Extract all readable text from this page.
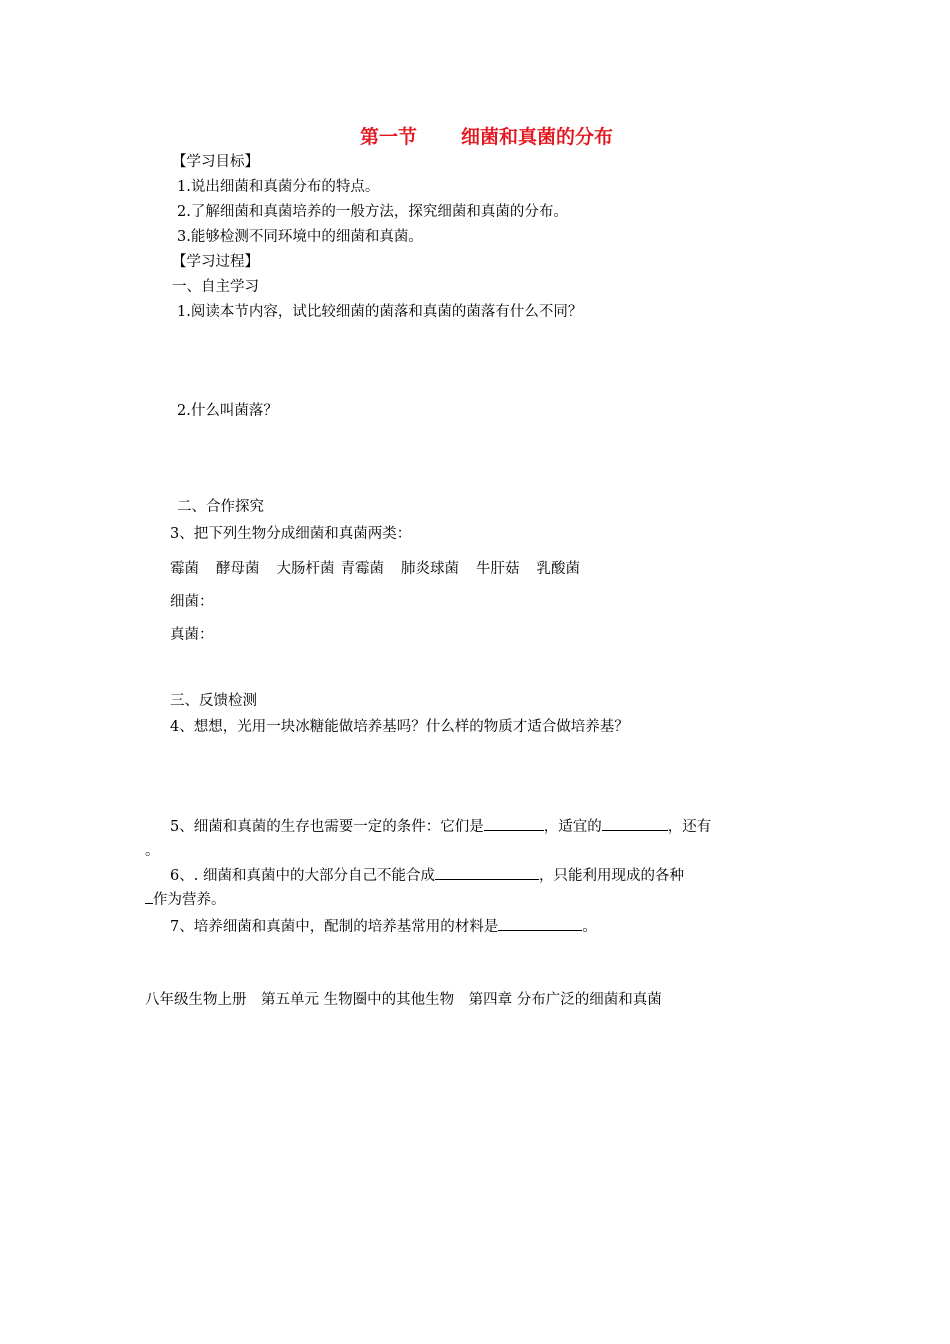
第一节 细菌和真菌的分布
【学习目标】
1.说出细菌和真菌分布的特点。
2.了解细菌和真菌培养的一般方法，探究细菌和真菌的分布。
3.能够检测不同环境中的细菌和真菌。
【学习过程】
一、自主学习
1.阅读本节内容，试比较细菌的菌落和真菌的菌落有什么不同？
2.什么叫菌落？
二、合作探究
3、把下列生物分成细菌和真菌两类：
霉菌 酵母菌 大肠杆菌 青霉菌 肺炎球菌 牛肝菇 乳酸菌
细菌：
真菌：
三、反馈检测
4、想想，光用一块冰糖能做培养基吗？什么样的物质才适合做培养基？
5、细菌和真菌的生存也需要一定的条件：它们是	，适宜的	，还有
。
6、. 细菌和真菌中的大部分自己不能合成	，只能利用现成的各种
作为营养。
7、培养细菌和真菌中，配制的培养基常用的材料是	。
八年级生物上册　第五单元 生物圈中的其他生物　第四章 分布广泛的细菌和真菌
